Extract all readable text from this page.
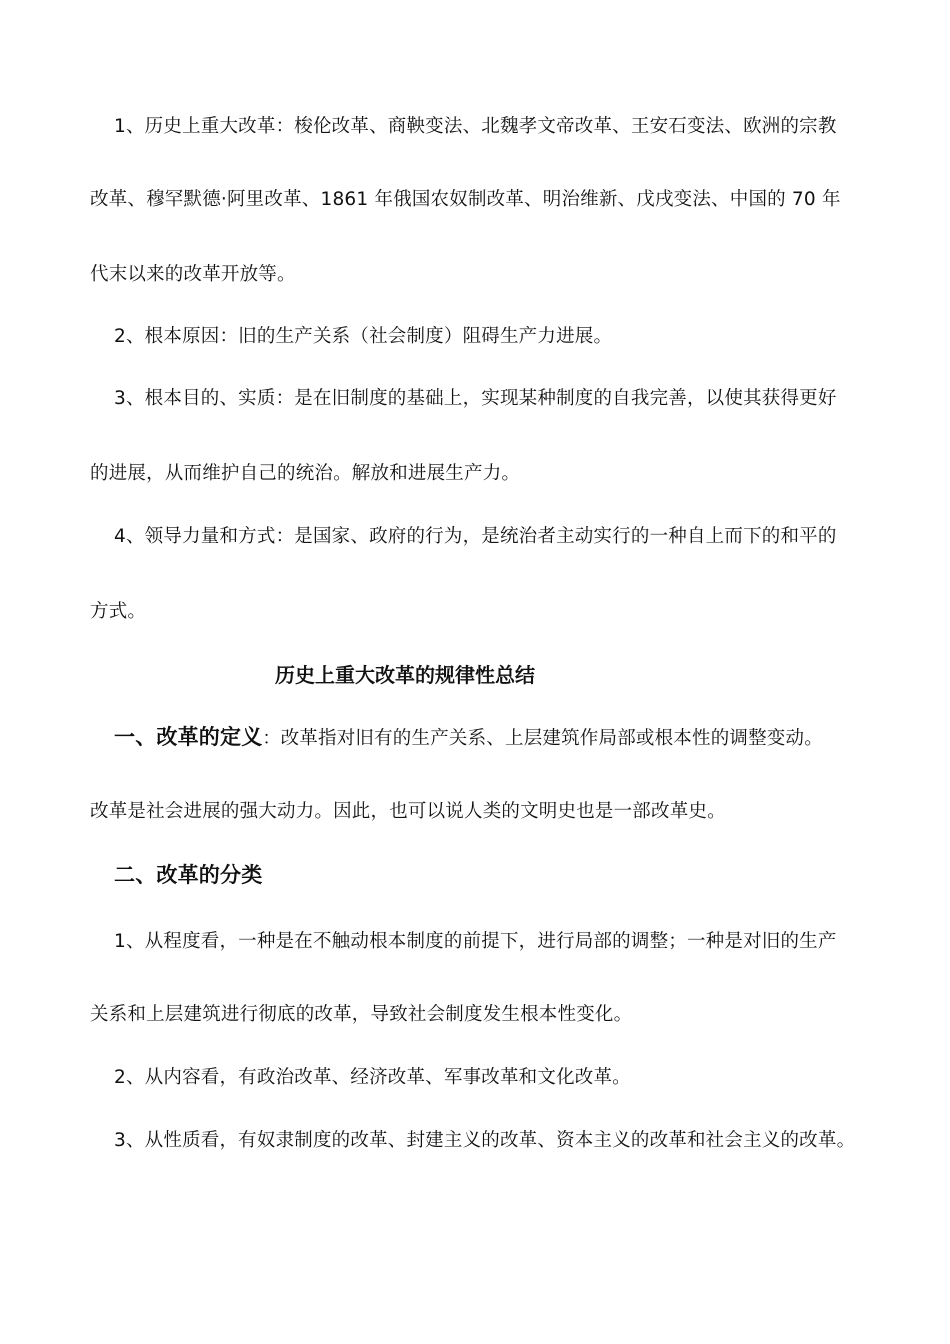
1、历史上重大改革：梭伦改革、商鞅变法、北魏孝文帝改革、王安石变法、欧洲的宗教
改革、穆罕默德·阿里改革、1861 年俄国农奴制改革、明治维新、戊戌变法、中国的 70 年
代末以来的改革开放等。
2、根本原因：旧的生产关系（社会制度）阻碍生产力进展。
3、根本目的、实质：是在旧制度的基础上，实现某种制度的自我完善，以使其获得更好
的进展，从而维护自己的统治。解放和进展生产力。
4、领导力量和方式：是国家、政府的行为，是统治者主动实行的一种自上而下的和平的
方式。
历史上重大改革的规律性总结
一、改革的定义：改革指对旧有的生产关系、上层建筑作局部或根本性的调整变动。
改革是社会进展的强大动力。因此，也可以说人类的文明史也是一部改革史。
二、改革的分类
1、从程度看，一种是在不触动根本制度的前提下，进行局部的调整；一种是对旧的生产
关系和上层建筑进行彻底的改革，导致社会制度发生根本性变化。
2、从内容看，有政治改革、经济改革、军事改革和文化改革。
3、从性质看，有奴隶制度的改革、封建主义的改革、资本主义的改革和社会主义的改革。
